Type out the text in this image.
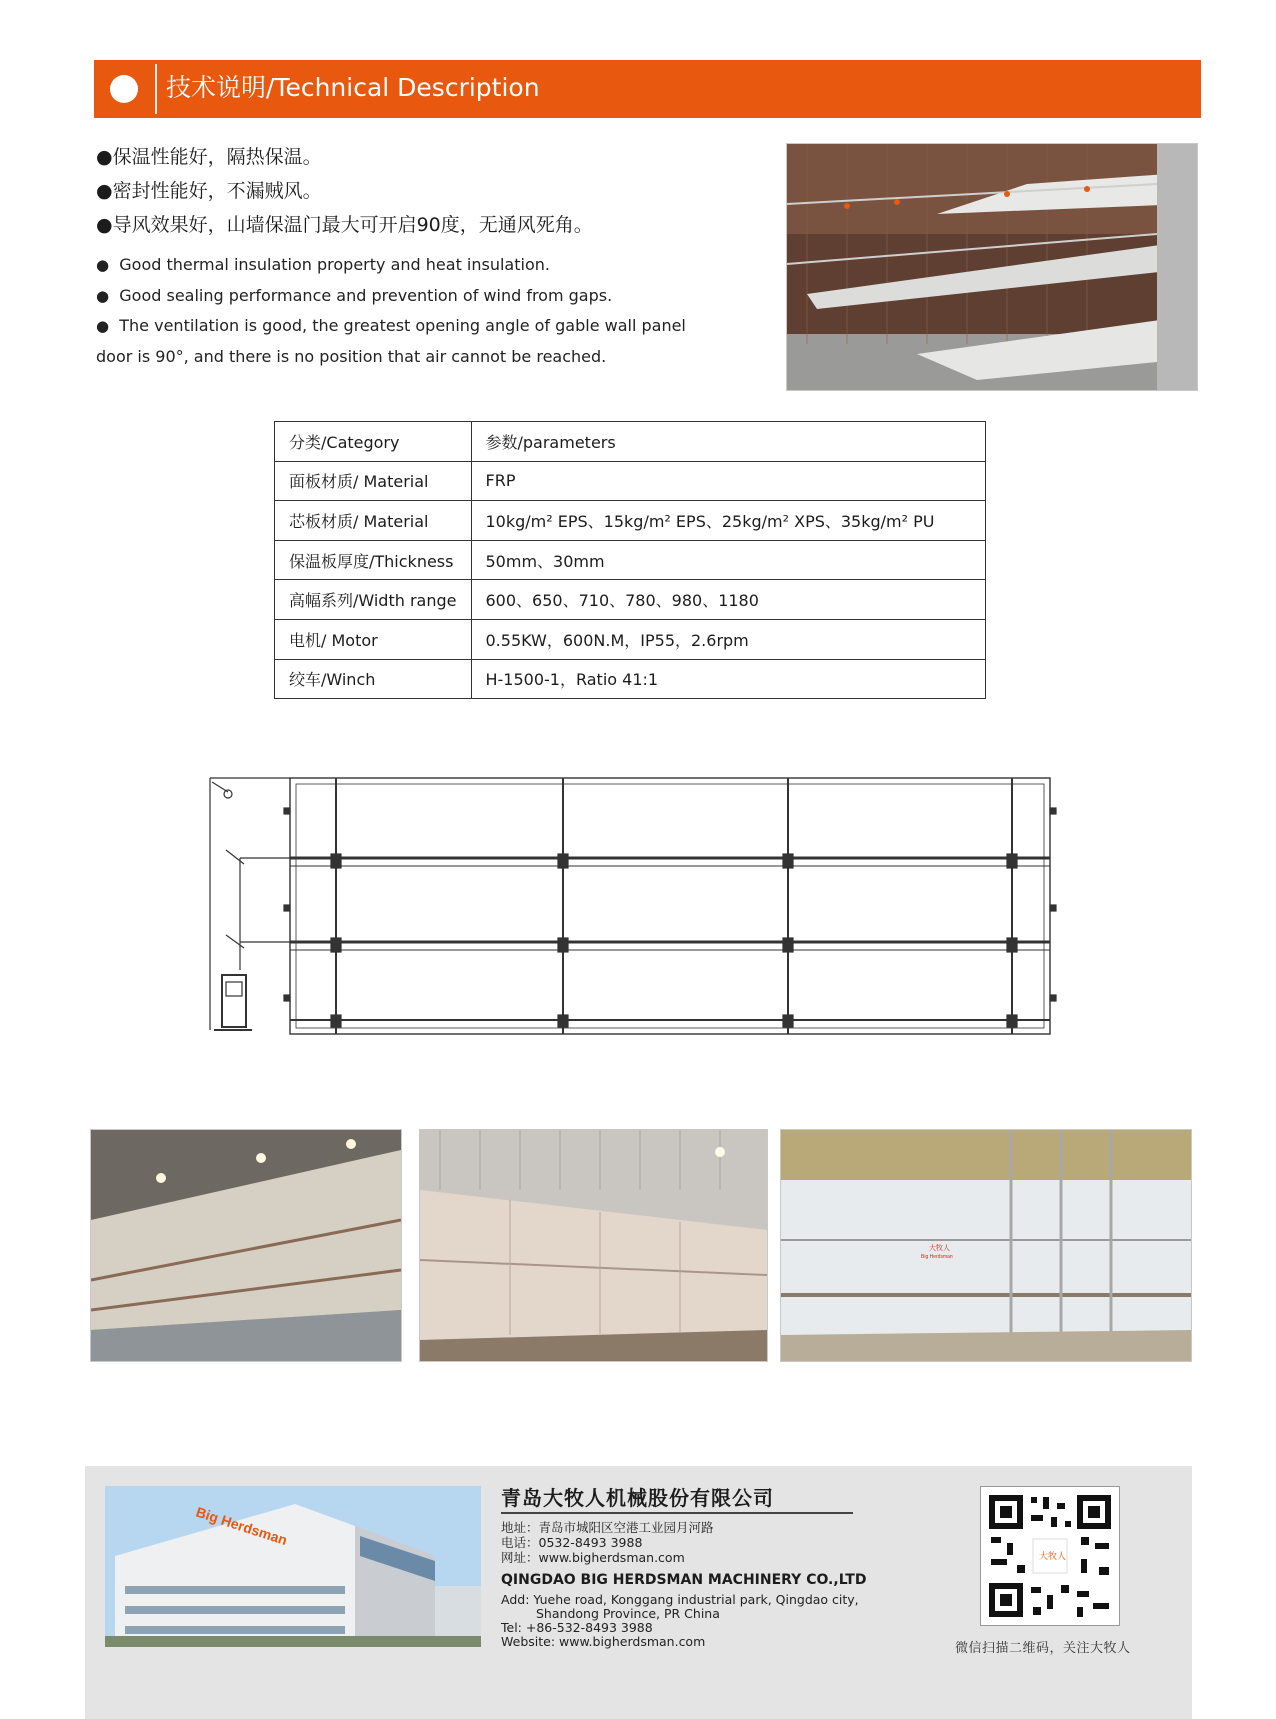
技术说明/Technical Description
●保温性能好，隔热保温。
●密封性能好，不漏贼风。
●导风效果好，山墙保温门最大可开启90度，无通风死角。
● Good thermal insulation property and heat insulation.
● Good sealing performance and prevention of wind from gaps.
● The ventilation is good, the greatest opening angle of gable wall panel door is 90°, and there is no position that air cannot be reached.
分类/Category	参数/parameters
面板材质/ Material	FRP
芯板材质/ Material	10kg/m² EPS、15kg/m² EPS、25kg/m² XPS、35kg/m² PU
保温板厚度/Thickness	50mm、30mm
高幅系列/Width range	600、650、710、780、980、1180
电机/ Motor	0.55KW，600N.M，IP55，2.6rpm
绞车/Winch	H-1500-1，Ratio 41:1
大牧人
Big Herdsman
Big Herdsman
青岛大牧人机械股份有限公司
地址：青岛市城阳区空港工业园月河路
电话：0532-8493 3988
网址：www.bigherdsman.com
QINGDAO BIG HERDSMAN MACHINERY CO.,LTD
Add: Yuehe road, Konggang industrial park, Qingdao city,
Shandong Province, PR China
Tel: +86-532-8493 3988
Website: www.bigherdsman.com
大牧人
微信扫描二维码，关注大牧人
